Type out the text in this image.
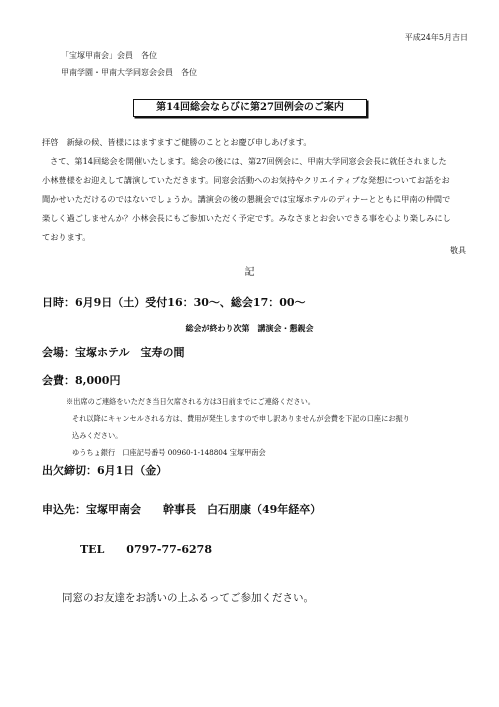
平成24年5月吉日
「宝塚甲南会」会員　各位
甲南学園・甲南大学同窓会会員　各位
第14回総会ならびに第27回例会のご案内

拝啓　新緑の候、皆様にはますますご健勝のこととお慶び申しあげます。

さて、第14回総会を開催いたします。総会の後には、第27回例会に、甲南大学同窓会会長に就任されました

小林豊様をお迎えして講演していただきます。同窓会活動へのお気持やクリエイティブな発想についてお話をお

聞かせいただけるのではないでしょうか。講演会の後の懇親会では宝塚ホテルのディナーとともに甲南の仲間で

楽しく過ごしませんか？小林会長にもご参加いただく予定です。みなさまとお会いできる事を心より楽しみにし

ております。

敬具
記
日時：6月9日（土）受付16：30〜、総会17：00〜
総会が終わり次第　講演会・懇親会
会場：宝塚ホテル　宝寿の間
会費：8,000円
※出席のご連絡をいただき当日欠席される方は3日前までにご連絡ください。
それ以降にキャンセルされる方は、費用が発生しますので申し訳ありませんが会費を下記の口座にお振り
込みください。
ゆうちょ銀行　口座記号番号 00960-1-148804 宝塚甲南会
出欠締切：6月1日（金）
申込先：宝塚甲南会　　幹事長　白石朋康（49年経卒）
TEL　　0797-77-6278
同窓のお友達をお誘いの上ふるってご参加ください。
